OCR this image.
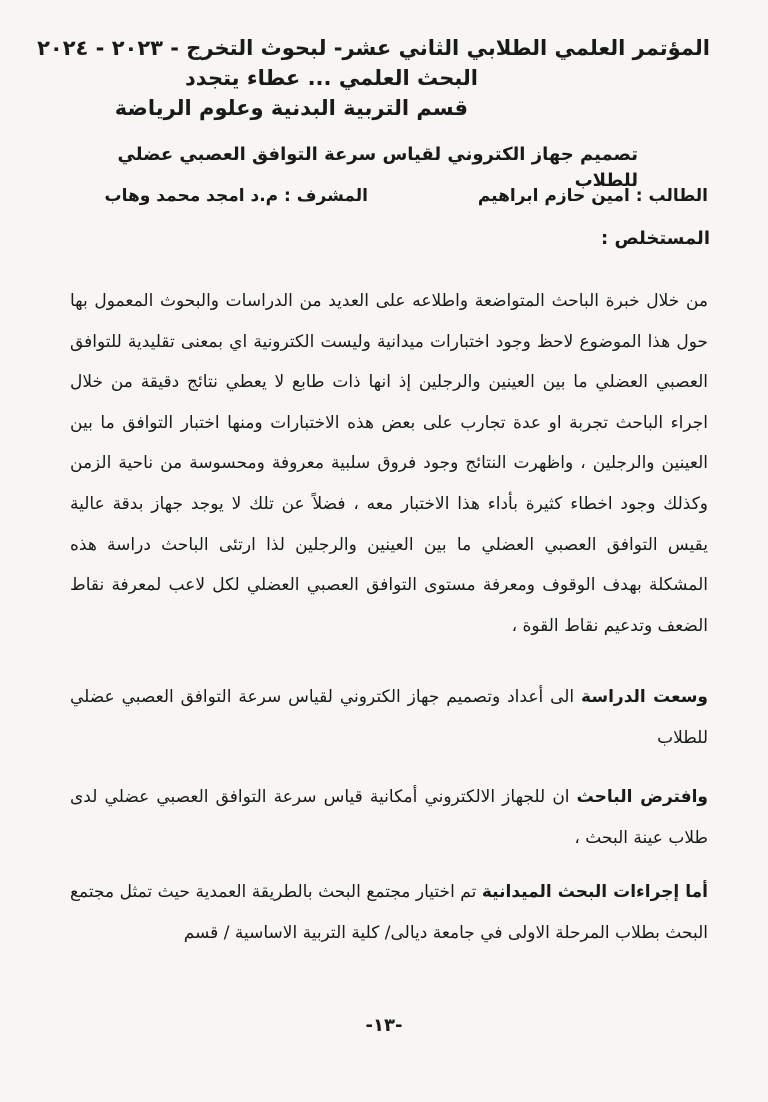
المؤتمر العلمي الطلابي الثاني عشر- لبحوث التخرج - ٢٠٢٣ - ٢٠٢٤
البحث العلمي ... عطاء يتجدد
قسم التربية البدنية وعلوم الرياضة
تصميم جهاز الكتروني لقياس سرعة التوافق العصبي عضلي للطلاب
الطالب : امين حازم ابراهيم
المشرف : م.د امجد محمد وهاب
المستخلص :

من خلال خبرة الباحث المتواضعة واطلاعه على العديد من الدراسات والبحوث المعمول بها حول هذا الموضوع لاحظ وجود اختبارات ميدانية وليست الكترونية اي بمعنى تقليدية للتوافق العصبي العضلي ما بين العينين والرجلين إذ انها ذات طابع لا يعطي نتائج دقيقة من خلال اجراء الباحث تجربة او عدة تجارب على بعض هذه الاختبارات ومنها اختبار التوافق ما بين العينين والرجلين ، واظهرت النتائج وجود فروق سلبية معروفة ومحسوسة من ناحية الزمن وكذلك وجود اخطاء كثيرة بأداء هذا الاختبار معه ، فضلاً عن تلك لا يوجد جهاز بدقة عالية يقيس التوافق العصبي العضلي ما بين العينين والرجلين لذا ارتئى الباحث دراسة هذه المشكلة بهدف الوقوف ومعرفة مستوى التوافق العصبي العضلي لكل لاعب لمعرفة نقاط الضعف وتدعيم نقاط القوة ،

وسعت الدراسة الى أعداد وتصميم جهاز الكتروني لقياس سرعة التوافق العصبي عضلي للطلاب

وافترض الباحث ان للجهاز الالكتروني أمكانية قياس سرعة التوافق العصبي عضلي لدى طلاب عينة البحث ،

أما إجراءات البحث الميدانية تم اختيار مجتمع البحث بالطريقة العمدية حيث تمثل مجتمع البحث بطلاب المرحلة الاولى في جامعة ديالى/ كلية التربية الاساسية / قسم

-١٣-
